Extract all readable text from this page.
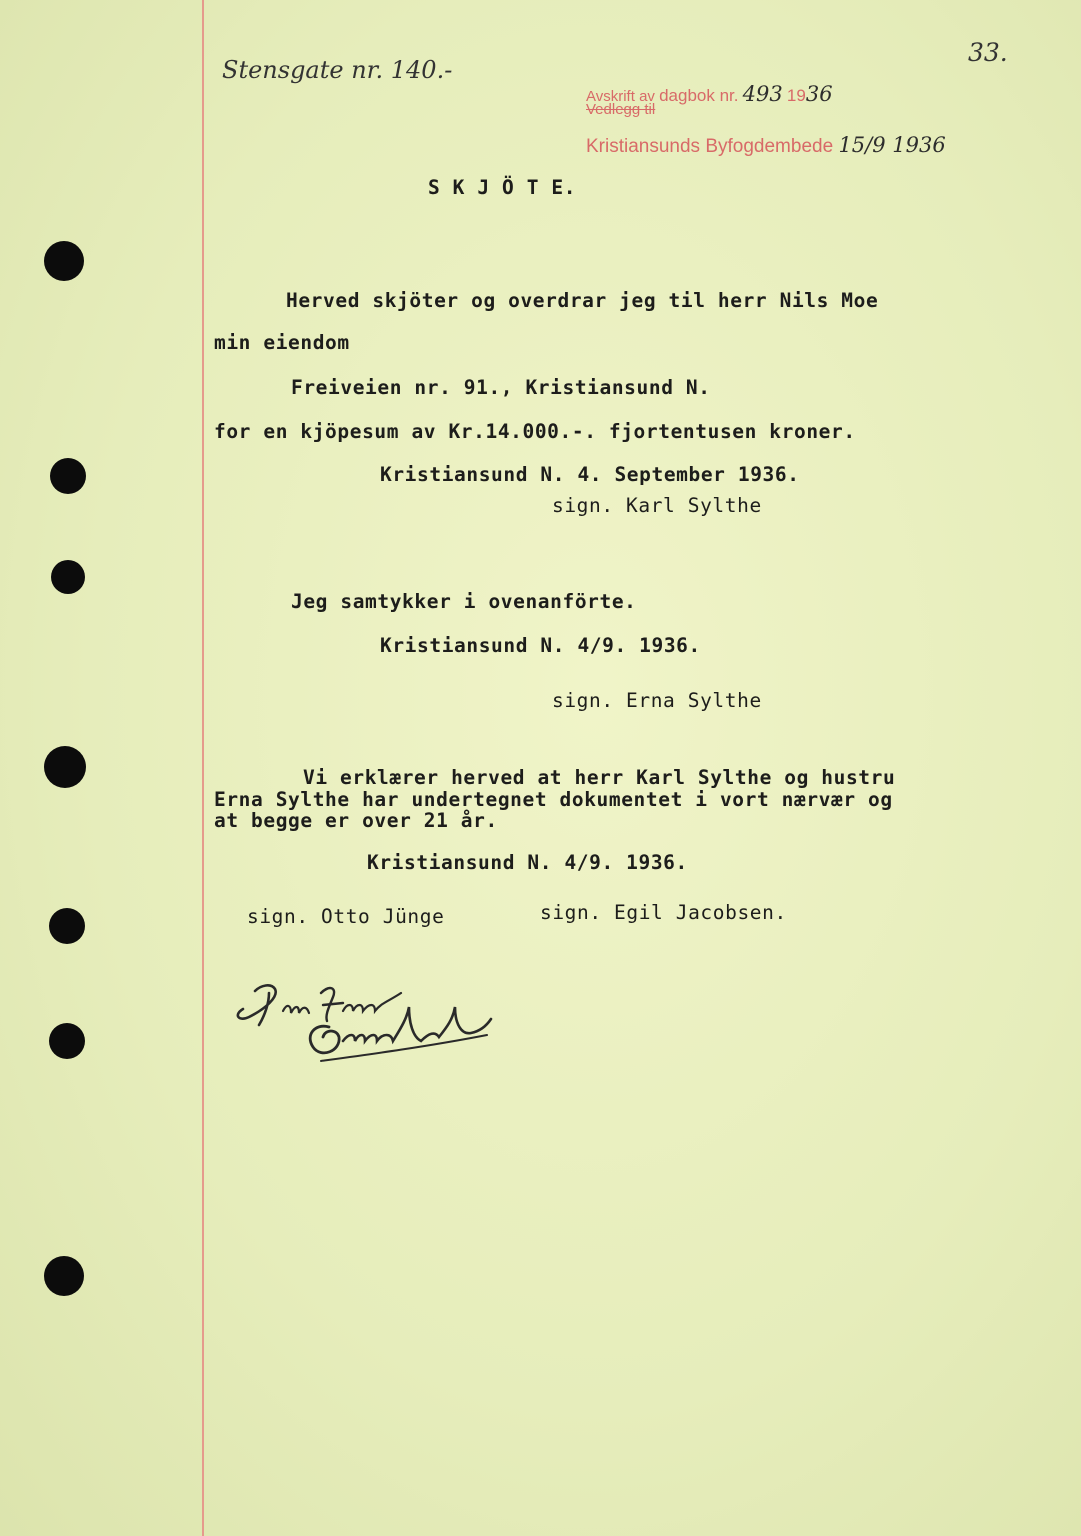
Stensgate nr. 140.-
33.
Avskrift av dagbok nr. 493 1936
Vedlegg til
Kristiansunds Byfogdembede 15/9 1936
S K J Ö T E.
Herved skjöter og overdrar jeg til herr Nils Moe
min eiendom
Freiveien nr. 91., Kristiansund N.
for en kjöpesum av Kr.14.000.-. fjortentusen kroner.
Kristiansund N. 4. September 1936.
sign. Karl Sylthe
Jeg samtykker i ovenanförte.
Kristiansund N. 4/9. 1936.
sign. Erna Sylthe
Vi erklærer herved at herr Karl Sylthe og hustru
Erna Sylthe har undertegnet dokumentet i vort nærvær og
at begge er over 21 år.
Kristiansund N. 4/9. 1936.
sign. Otto Jünge	sign. Egil Jacobsen.
